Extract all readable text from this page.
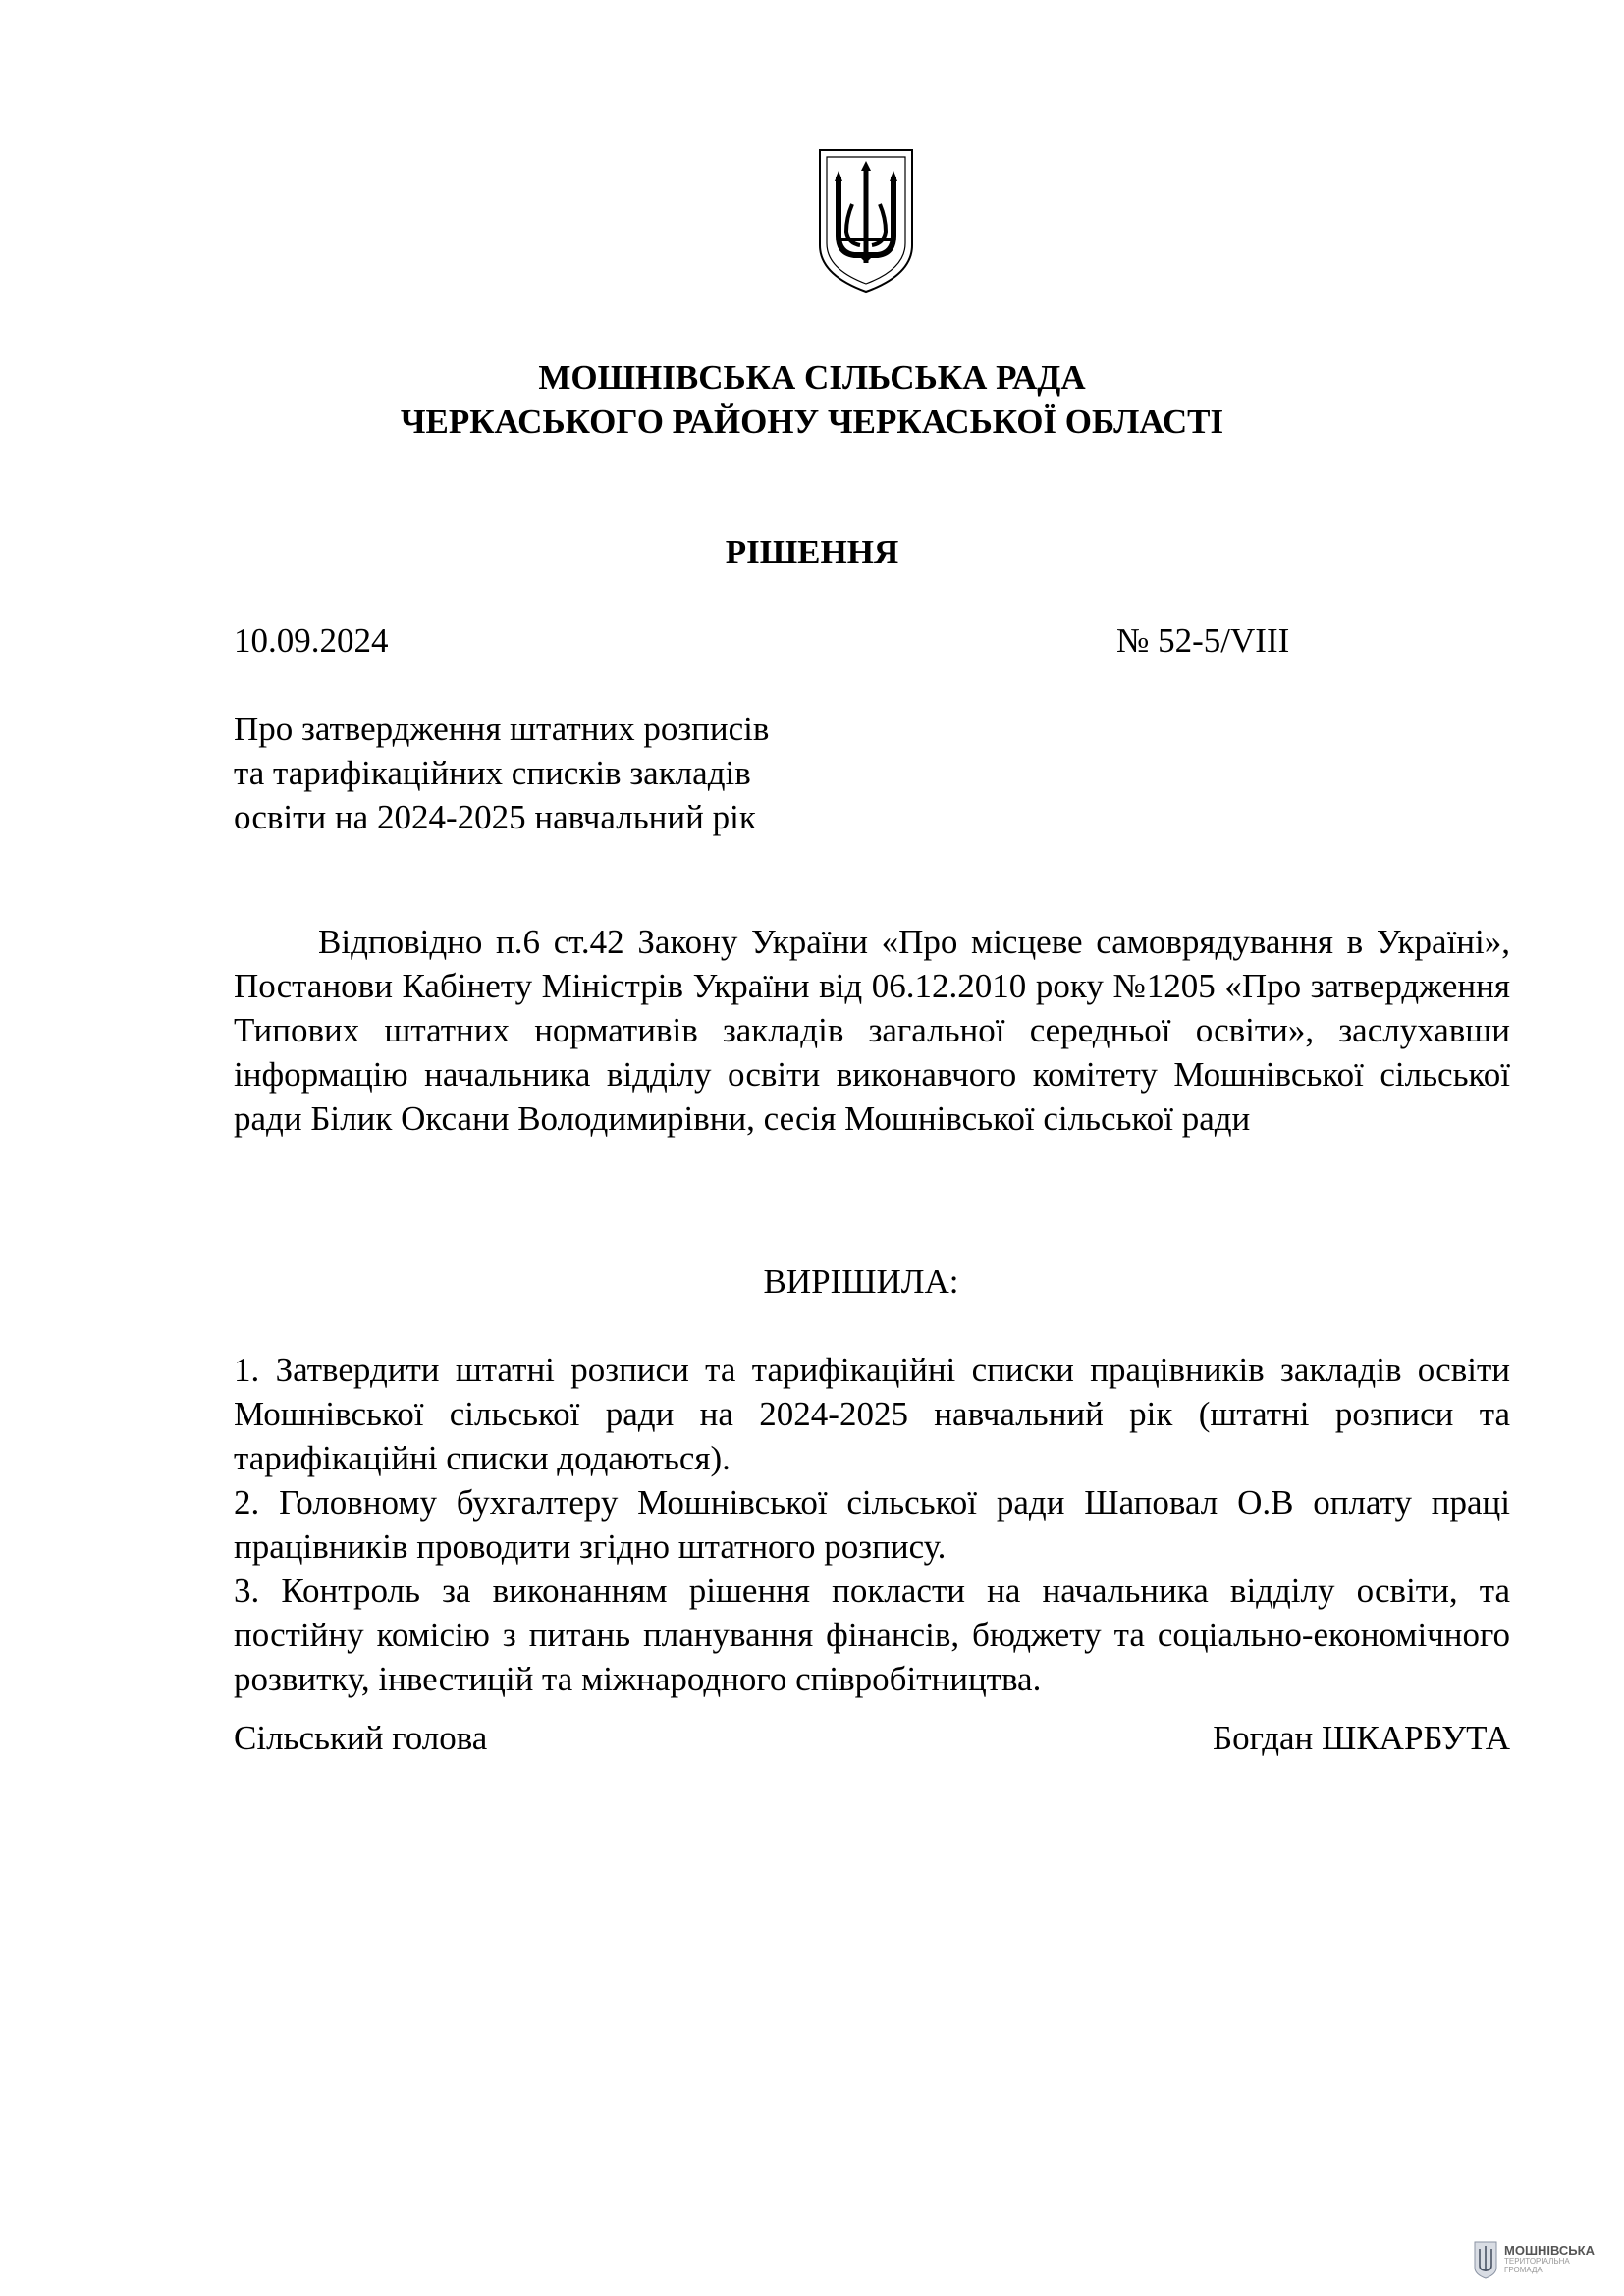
МОШНІВСЬКА СІЛЬСЬКА РАДА
ЧЕРКАСЬКОГО РАЙОНУ ЧЕРКАСЬКОЇ ОБЛАСТІ
РІШЕННЯ
10.09.2024	№ 52-5/VIII
Про затвердження штатних розписів
та тарифікаційних списків закладів
освіти на 2024-2025 навчальний рік
Відповідно п.6 ст.42 Закону України «Про місцеве самоврядування в Україні», Постанови Кабінету Міністрів України від 06.12.2010 року №1205 «Про затвердження Типових штатних нормативів закладів загальної середньої освіти», заслухавши інформацію начальника відділу освіти виконавчого комітету Мошнівської сільської ради Білик Оксани Володимирівни, сесія Мошнівської сільської ради
ВИРІШИЛА:

1. Затвердити штатні розписи та тарифікаційні списки працівників закладів освіти Мошнівської сільської ради на 2024-2025 навчальний рік (штатні розписи та тарифікаційні списки додаються).

2. Головному бухгалтеру Мошнівської сільської ради Шаповал О.В оплату праці працівників проводити згідно штатного розпису.

3. Контроль за виконанням рішення покласти на начальника відділу освіти, та постійну комісію з питань планування фінансів, бюджету та соціально-економічного розвитку, інвестицій та міжнародного співробітництва.

Сільський голова	Богдан ШКАРБУТА
МОШНІВСЬКА
ТЕРИТОРІАЛЬНА
ГРОМАДА
